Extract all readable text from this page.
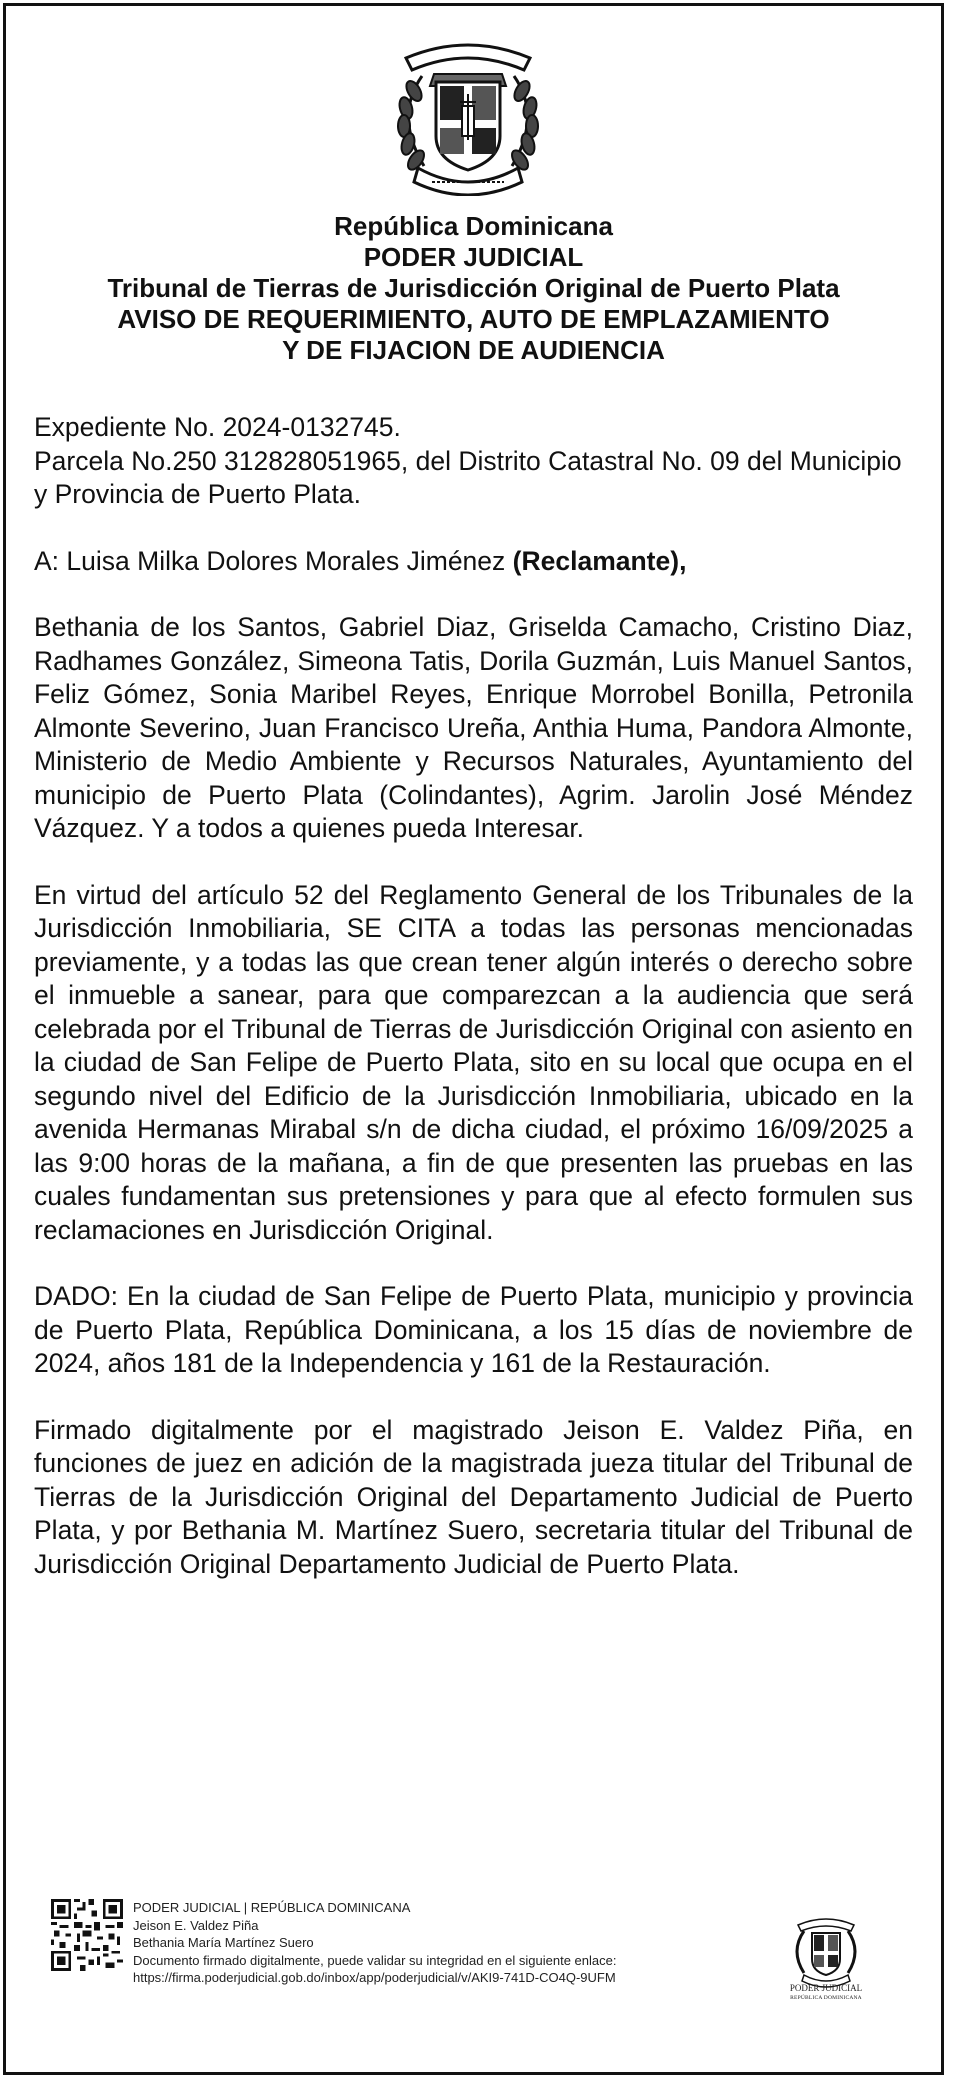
República Dominicana
PODER JUDICIAL
Tribunal de Tierras de Jurisdicción Original de Puerto Plata
AVISO DE REQUERIMIENTO, AUTO DE EMPLAZAMIENTO
Y DE FIJACION DE AUDIENCIA

Expediente No. 2024-0132745.
Parcela No.250 312828051965, del Distrito Catastral No. 09 del Municipio y Provincia de Puerto Plata.

A: Luisa Milka Dolores Morales Jiménez (Reclamante),

Bethania de los Santos, Gabriel Diaz, Griselda Camacho, Cristino Diaz, Radhames González, Simeona Tatis, Dorila Guzmán, Luis Manuel Santos, Feliz Gómez, Sonia Maribel Reyes, Enrique Morrobel Bonilla, Petronila Almonte Severino, Juan Francisco Ureña, Anthia Huma, Pandora Almonte, Ministerio de Medio Ambiente y Recursos Naturales, Ayuntamiento del municipio de Puerto Plata (Colindantes), Agrim. Jarolin José Méndez Vázquez. Y a todos a quienes pueda Interesar.

En virtud del artículo 52 del Reglamento General de los Tribunales de la Jurisdicción Inmobiliaria, SE CITA a todas las personas mencionadas previamente, y a todas las que crean tener algún interés o derecho sobre el inmueble a sanear, para que comparezcan a la audiencia que será celebrada por el Tribunal de Tierras de Jurisdicción Original con asiento en la ciudad de San Felipe de Puerto Plata, sito en su local que ocupa en el segundo nivel del Edificio de la Jurisdicción Inmobiliaria, ubicado en la avenida Hermanas Mirabal s/n de dicha ciudad, el próximo 16/09/2025 a las 9:00 horas de la mañana, a fin de que presenten las pruebas en las cuales fundamentan sus pretensiones y para que al efecto formulen sus reclamaciones en Jurisdicción Original.

DADO: En la ciudad de San Felipe de Puerto Plata, municipio y provincia de Puerto Plata, República Dominicana, a los 15 días de noviembre de 2024, años 181 de la Independencia y 161 de la Restauración.

Firmado digitalmente por el magistrado Jeison E. Valdez Piña, en funciones de juez en adición de la magistrada jueza titular del Tribunal de Tierras de la Jurisdicción Original del Departamento Judicial de Puerto Plata, y por Bethania M. Martínez Suero, secretaria titular del Tribunal de Jurisdicción Original Departamento Judicial de Puerto Plata.

PODER JUDICIAL | REPÚBLICA DOMINICANA
Jeison E. Valdez Piña
Bethania María Martínez Suero
Documento firmado digitalmente, puede validar su integridad en el siguiente enlace:
https://firma.poderjudicial.gob.do/inbox/app/poderjudicial/v/AKI9-741D-CO4Q-9UFM
PODER JUDICIAL
REPÚBLICA DOMINICANA
